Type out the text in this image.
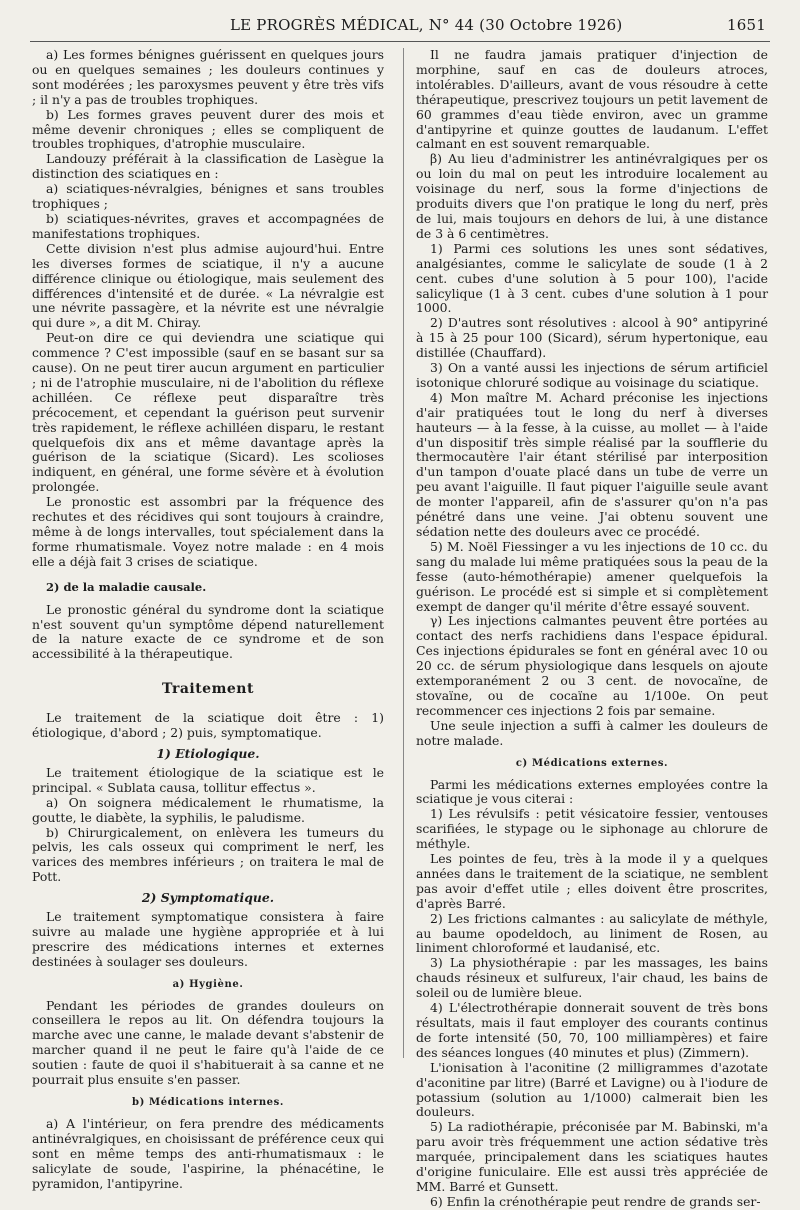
LE PROGRÈS MÉDICAL, N° 44 (30 Octobre 1926)	1651

a) Les formes bénignes guérissent en quelques jours ou en quelques semaines ; les douleurs continues y sont modérées ; les paroxysmes peuvent y être très vifs ; il n'y a pas de troubles trophiques.

b) Les formes graves peuvent durer des mois et même devenir chroniques ; elles se compliquent de troubles trophiques, d'atrophie musculaire.

Landouzy préférait à la classification de Lasègue la distinction des sciatiques en :

a) sciatiques-névralgies, bénignes et sans troubles trophiques ;

b) sciatiques-névrites, graves et accompagnées de manifestations trophiques.

Cette division n'est plus admise aujourd'hui. Entre les diverses formes de sciatique, il n'y a aucune différence clinique ou étiologique, mais seulement des différences d'intensité et de durée. « La névralgie est une névrite passagère, et la névrite est une névralgie qui dure », a dit M. Chiray.

Peut-on dire ce qui deviendra une sciatique qui commence ? C'est impossible (sauf en se basant sur sa cause). On ne peut tirer aucun argument en particulier ; ni de l'atrophie musculaire, ni de l'abolition du réflexe achilléen. Ce réflexe peut disparaître très précocement, et cependant la guérison peut survenir très rapidement, le réflexe achilléen disparu, le restant quelquefois dix ans et même davantage après la guérison de la sciatique (Sicard). Les scolioses indiquent, en général, une forme sévère et à évolution prolongée.

Le pronostic est assombri par la fréquence des rechutes et des récidives qui sont toujours à craindre, même à de longs intervalles, tout spécialement dans la forme rhumatismale. Voyez notre malade : en 4 mois elle a déjà fait 3 crises de sciatique.

2) de la maladie causale.

Le pronostic général du syndrome dont la sciatique n'est souvent qu'un symptôme dépend naturellement de la nature exacte de ce syndrome et de son accessibilité à la thérapeutique.

Traitement

Le traitement de la sciatique doit être : 1) étiologique, d'abord ; 2) puis, symptomatique.

1) Etiologique.

Le traitement étiologique de la sciatique est le principal. « Sublata causa, tollitur effectus ».

a) On soignera médicalement le rhumatisme, la goutte, le diabète, la syphilis, le paludisme.

b) Chirurgicalement, on enlèvera les tumeurs du pelvis, les cals osseux qui compriment le nerf, les varices des membres inférieurs ; on traitera le mal de Pott.

2) Symptomatique.

Le traitement symptomatique consistera à faire suivre au malade une hygiène appropriée et à lui prescrire des médications internes et externes destinées à soulager ses douleurs.

a) Hygiène.

Pendant les périodes de grandes douleurs on conseillera le repos au lit. On défendra toujours la marche avec une canne, le malade devant s'abstenir de marcher quand il ne peut le faire qu'à l'aide de ce soutien : faute de quoi il s'habituerait à sa canne et ne pourrait plus ensuite s'en passer.

b) Médications internes.

a) A l'intérieur, on fera prendre des médicaments antinévralgiques, en choisissant de préférence ceux qui sont en même temps des anti-rhumatismaux : le salicylate de soude, l'aspirine, la phénacétine, le pyramidon, l'antipyrine.

Il ne faudra jamais pratiquer d'injection de morphine, sauf en cas de douleurs atroces, intolérables. D'ailleurs, avant de vous résoudre à cette thérapeutique, prescrivez toujours un petit lavement de 60 grammes d'eau tiède environ, avec un gramme d'antipyrine et quinze gouttes de laudanum. L'effet calmant en est souvent remarquable.

β) Au lieu d'administrer les antinévralgiques per os ou loin du mal on peut les introduire localement au voisinage du nerf, sous la forme d'injections de produits divers que l'on pratique le long du nerf, près de lui, mais toujours en dehors de lui, à une distance de 3 à 6 centimètres.

1) Parmi ces solutions les unes sont sédatives, analgésiantes, comme le salicylate de soude (1 à 2 cent. cubes d'une solution à 5 pour 100), l'acide salicylique (1 à 3 cent. cubes d'une solution à 1 pour 1000.

2) D'autres sont résolutives : alcool à 90° antipyriné à 15 à 25 pour 100 (Sicard), sérum hypertonique, eau distillée (Chauffard).

3) On a vanté aussi les injections de sérum artificiel isotonique chloruré sodique au voisinage du sciatique.

4) Mon maître M. Achard préconise les injections d'air pratiquées tout le long du nerf à diverses hauteurs — à la fesse, à la cuisse, au mollet — à l'aide d'un dispositif très simple réalisé par la soufflerie du thermocautère l'air étant stérilisé par interposition d'un tampon d'ouate placé dans un tube de verre un peu avant l'aiguille. Il faut piquer l'aiguille seule avant de monter l'appareil, afin de s'assurer qu'on n'a pas pénétré dans une veine. J'ai obtenu souvent une sédation nette des douleurs avec ce procédé.

5) M. Noël Fiessinger a vu les injections de 10 cc. du sang du malade lui même pratiquées sous la peau de la fesse (auto-hémothérapie) amener quelquefois la guérison. Le procédé est si simple et si complètement exempt de danger qu'il mérite d'être essayé souvent.

γ) Les injections calmantes peuvent être portées au contact des nerfs rachidiens dans l'espace épidural. Ces injections épidurales se font en général avec 10 ou 20 cc. de sérum physiologique dans lesquels on ajoute extemporanément 2 ou 3 cent. de novocaïne, de stovaïne, ou de cocaïne au 1/100e. On peut recommencer ces injections 2 fois par semaine.

Une seule injection a suffi à calmer les douleurs de notre malade.

c) Médications externes.

Parmi les médications externes employées contre la sciatique je vous citerai :

1) Les révulsifs : petit vésicatoire fessier, ventouses scarifiées, le stypage ou le siphonage au chlorure de méthyle.

Les pointes de feu, très à la mode il y a quelques années dans le traitement de la sciatique, ne semblent pas avoir d'effet utile ; elles doivent être proscrites, d'après Barré.

2) Les frictions calmantes : au salicylate de méthyle, au baume opodeldoch, au liniment de Rosen, au liniment chloroformé et laudanisé, etc.

3) La physiothérapie : par les massages, les bains chauds résineux et sulfureux, l'air chaud, les bains de soleil ou de lumière bleue.

4) L'électrothérapie donnerait souvent de très bons résultats, mais il faut employer des courants continus de forte intensité (50, 70, 100 milliampères) et faire des séances longues (40 minutes et plus) (Zimmern).

L'ionisation à l'aconitine (2 milligrammes d'azotate d'aconitine par litre) (Barré et Lavigne) ou à l'iodure de potassium (solution au 1/1000) calmerait bien les douleurs.

5) La radiothérapie, préconisée par M. Babinski, m'a paru avoir très fréquemment une action sédative très marquée, principalement dans les sciatiques hautes d'origine funiculaire. Elle est aussi très appréciée de MM. Barré et Gunsett.

6) Enfin la crénothérapie peut rendre de grands ser-
